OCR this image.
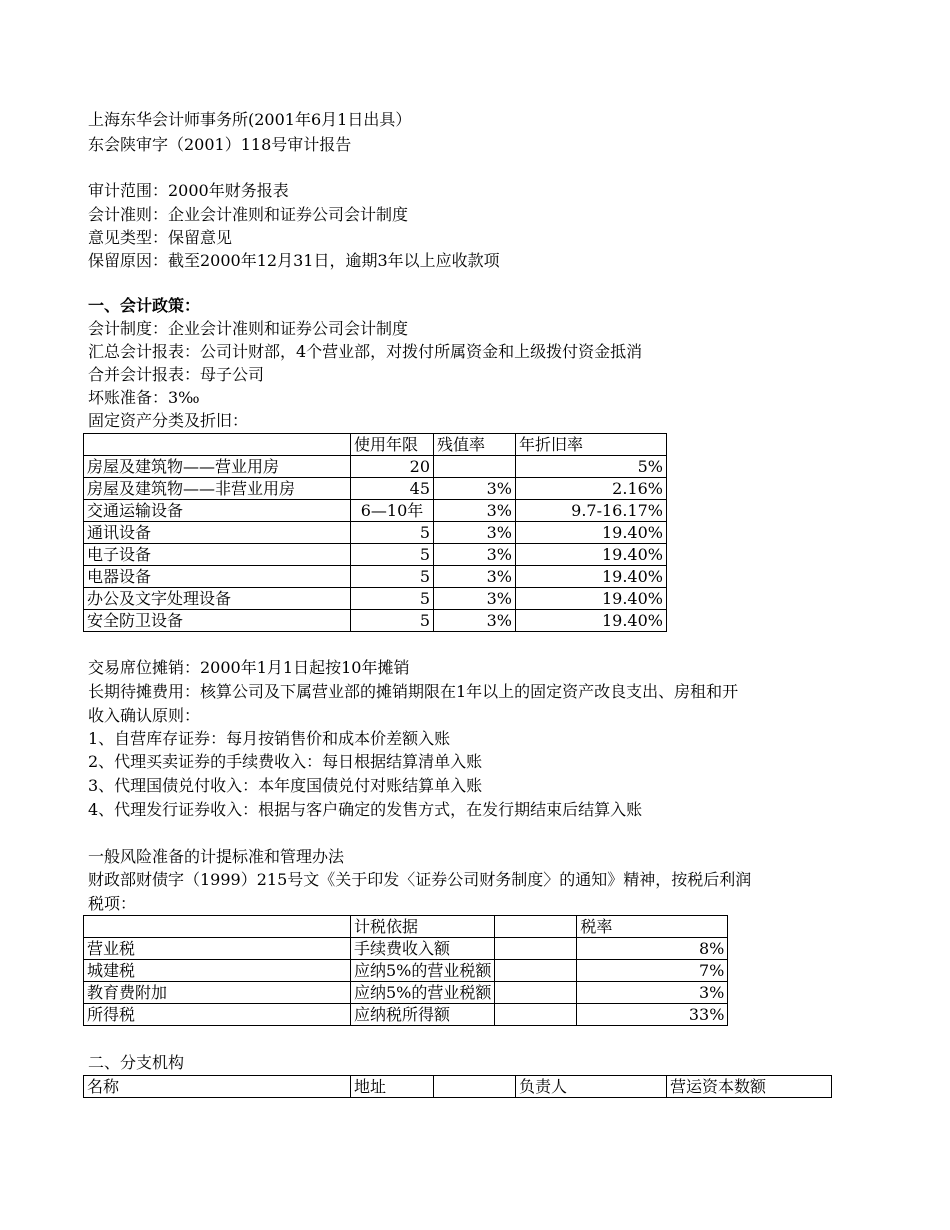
上海东华会计师事务所(2001年6月1日出具）
东会陕审字（2001）118号审计报告
审计范围：2000年财务报表
会计准则：企业会计准则和证券公司会计制度
意见类型：保留意见
保留原因：截至2000年12月31日，逾期3年以上应收款项
一、会计政策：
会计制度：企业会计准则和证券公司会计制度
汇总会计报表：公司计财部，4个营业部，对拨付所属资金和上级拨付资金抵消
合并会计报表：母子公司
坏账准备：3‰
固定资产分类及折旧：
	使用年限	残值率	年折旧率
房屋及建筑物——营业用房	20		5%
房屋及建筑物——非营业用房	45	3%	2.16%
交通运输设备	6—10年	3%	9.7-16.17%
通讯设备	5	3%	19.40%
电子设备	5	3%	19.40%
电器设备	5	3%	19.40%
办公及文字处理设备	5	3%	19.40%
安全防卫设备	5	3%	19.40%
交易席位摊销：2000年1月1日起按10年摊销
长期待摊费用：核算公司及下属营业部的摊销期限在1年以上的固定资产改良支出、房租和开
收入确认原则：
1、自营库存证券：每月按销售价和成本价差额入账
2、代理买卖证券的手续费收入：每日根据结算清单入账
3、代理国债兑付收入：本年度国债兑付对账结算单入账
4、代理发行证券收入：根据与客户确定的发售方式，在发行期结束后结算入账
一般风险准备的计提标准和管理办法
财政部财债字（1999）215号文《关于印发〈证券公司财务制度〉的通知》精神，按税后利润
税项：
	计税依据		税率
营业税	手续费收入额		8%
城建税	应纳5%的营业税额		7%
教育费附加	应纳5%的营业税额		3%
所得税	应纳税所得额		33%
二、分支机构
名称	地址		负责人	营运资本数额
